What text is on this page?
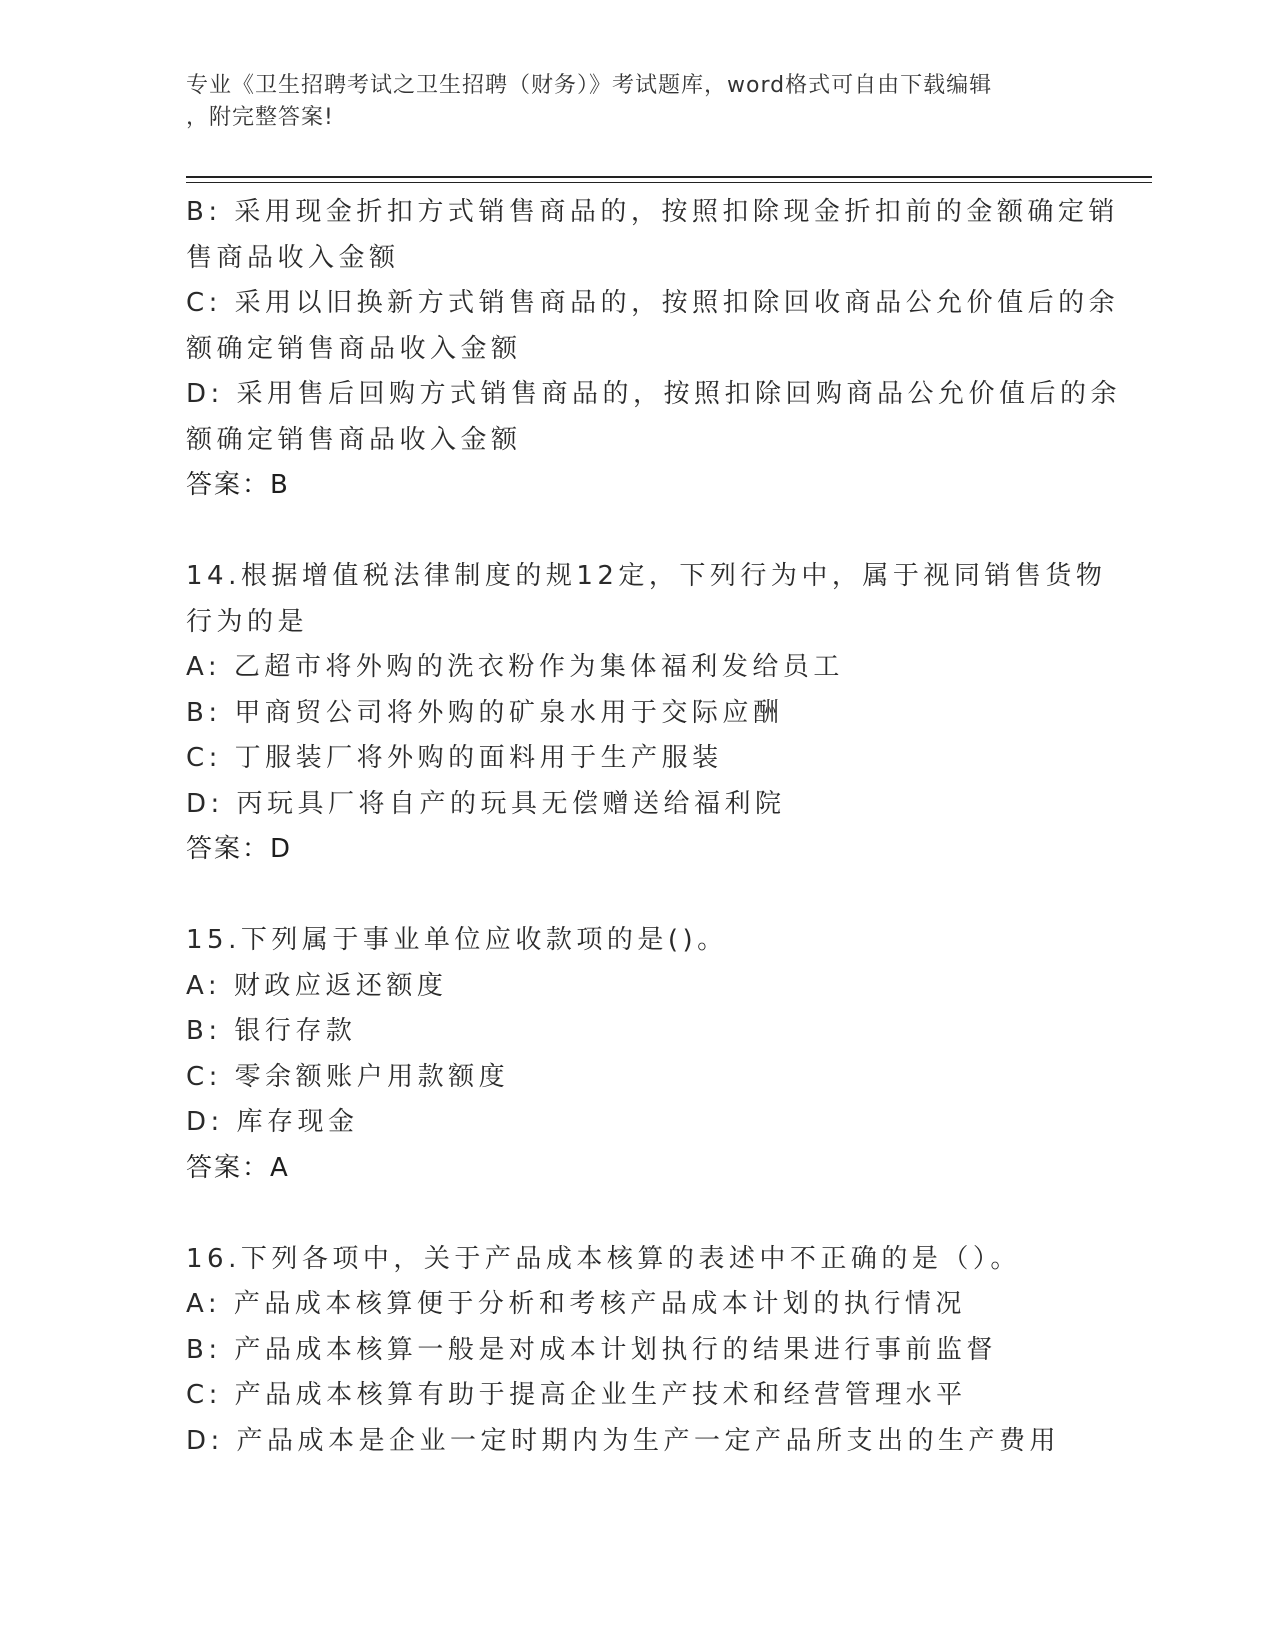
专业《卫生招聘考试之卫生招聘（财务）》考试题库，word格式可自由下载编辑
，附完整答案!

B: 采用现金折扣方式销售商品的，按照扣除现金折扣前的金额确定销

售商品收入金额

C: 采用以旧换新方式销售商品的，按照扣除回收商品公允价值后的余

额确定销售商品收入金额

D: 采用售后回购方式销售商品的，按照扣除回购商品公允价值后的余

额确定销售商品收入金额

答案：B

14.根据增值税法律制度的规12定，下列行为中，属于视同销售货物

行为的是

A: 乙超市将外购的洗衣粉作为集体福利发给员工

B: 甲商贸公司将外购的矿泉水用于交际应酬

C: 丁服装厂将外购的面料用于生产服装

D: 丙玩具厂将自产的玩具无偿赠送给福利院

答案：D

15.下列属于事业单位应收款项的是()。

A: 财政应返还额度

B: 银行存款

C: 零余额账户用款额度

D: 库存现金

答案：A

16.下列各项中，关于产品成本核算的表述中不正确的是（）。

A: 产品成本核算便于分析和考核产品成本计划的执行情况

B: 产品成本核算一般是对成本计划执行的结果进行事前监督

C: 产品成本核算有助于提高企业生产技术和经营管理水平

D: 产品成本是企业一定时期内为生产一定产品所支出的生产费用
